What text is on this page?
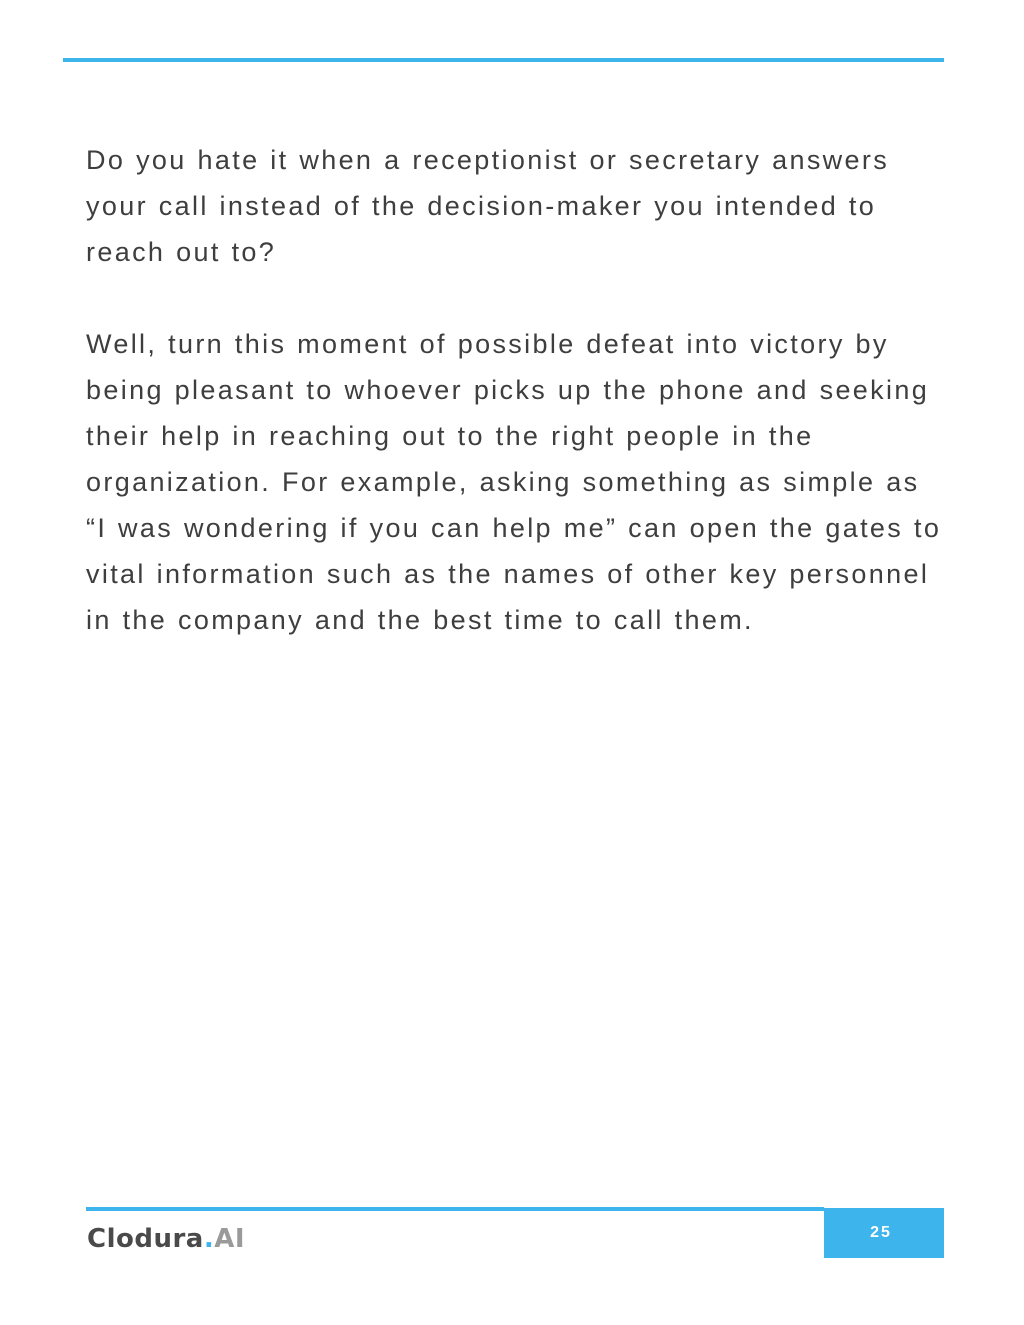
Do you hate it when a receptionist or secretary answers your call instead of the decision-maker you intended to reach out to?

Well, turn this moment of possible defeat into victory by being pleasant to whoever picks up the phone and seeking their help in reaching out to the right people in the organization. For example, asking something as simple as “I was wondering if you can help me” can open the gates to vital information such as the names of other key personnel in the company and the best time to call them.

Clodura.AI	25
